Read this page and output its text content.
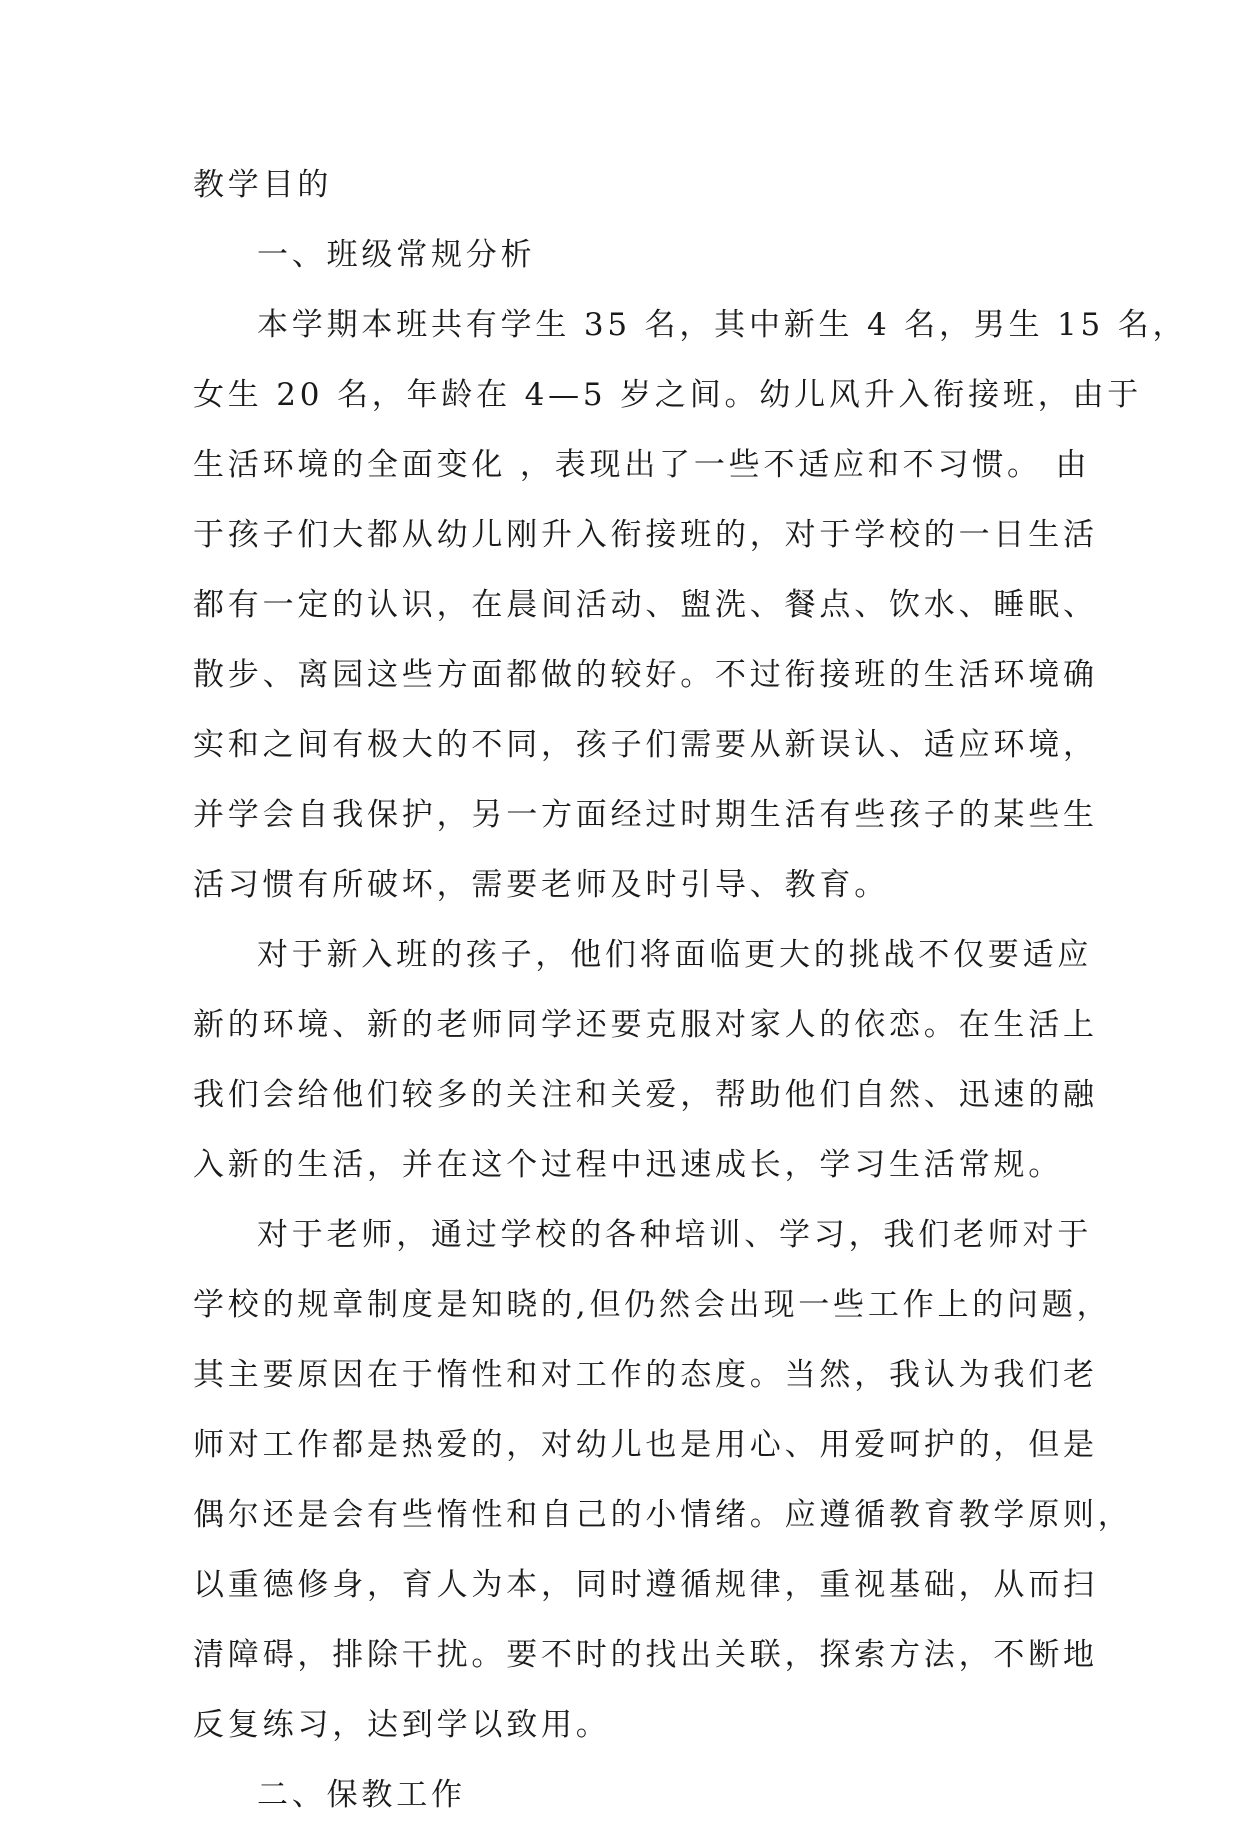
教学目的
一、班级常规分析
本学期本班共有学生 35 名，其中新生 4 名，男生 15 名，
女生 20 名，年龄在 4—5 岁之间。幼儿风升入衔接班，由于
生活环境的全面变化 ，表现出了一些不适应和不习惯。 由
于孩子们大都从幼儿刚升入衔接班的，对于学校的一日生活
都有一定的认识，在晨间活动、盥洗、餐点、饮水、睡眠、
散步、离园这些方面都做的较好。不过衔接班的生活环境确
实和之间有极大的不同，孩子们需要从新误认、适应环境，
并学会自我保护，另一方面经过时期生活有些孩子的某些生
活习惯有所破坏，需要老师及时引导、教育。
对于新入班的孩子，他们将面临更大的挑战不仅要适应
新的环境、新的老师同学还要克服对家人的依恋。在生活上
我们会给他们较多的关注和关爱，帮助他们自然、迅速的融
入新的生活，并在这个过程中迅速成长，学习生活常规。
对于老师，通过学校的各种培训、学习，我们老师对于
学校的规章制度是知晓的,但仍然会出现一些工作上的问题，
其主要原因在于惰性和对工作的态度。当然，我认为我们老
师对工作都是热爱的，对幼儿也是用心、用爱呵护的，但是
偶尔还是会有些惰性和自己的小情绪。应遵循教育教学原则，
以重德修身，育人为本，同时遵循规律，重视基础，从而扫
清障碍，排除干扰。要不时的找出关联，探索方法，不断地
反复练习，达到学以致用。
二、保教工作
